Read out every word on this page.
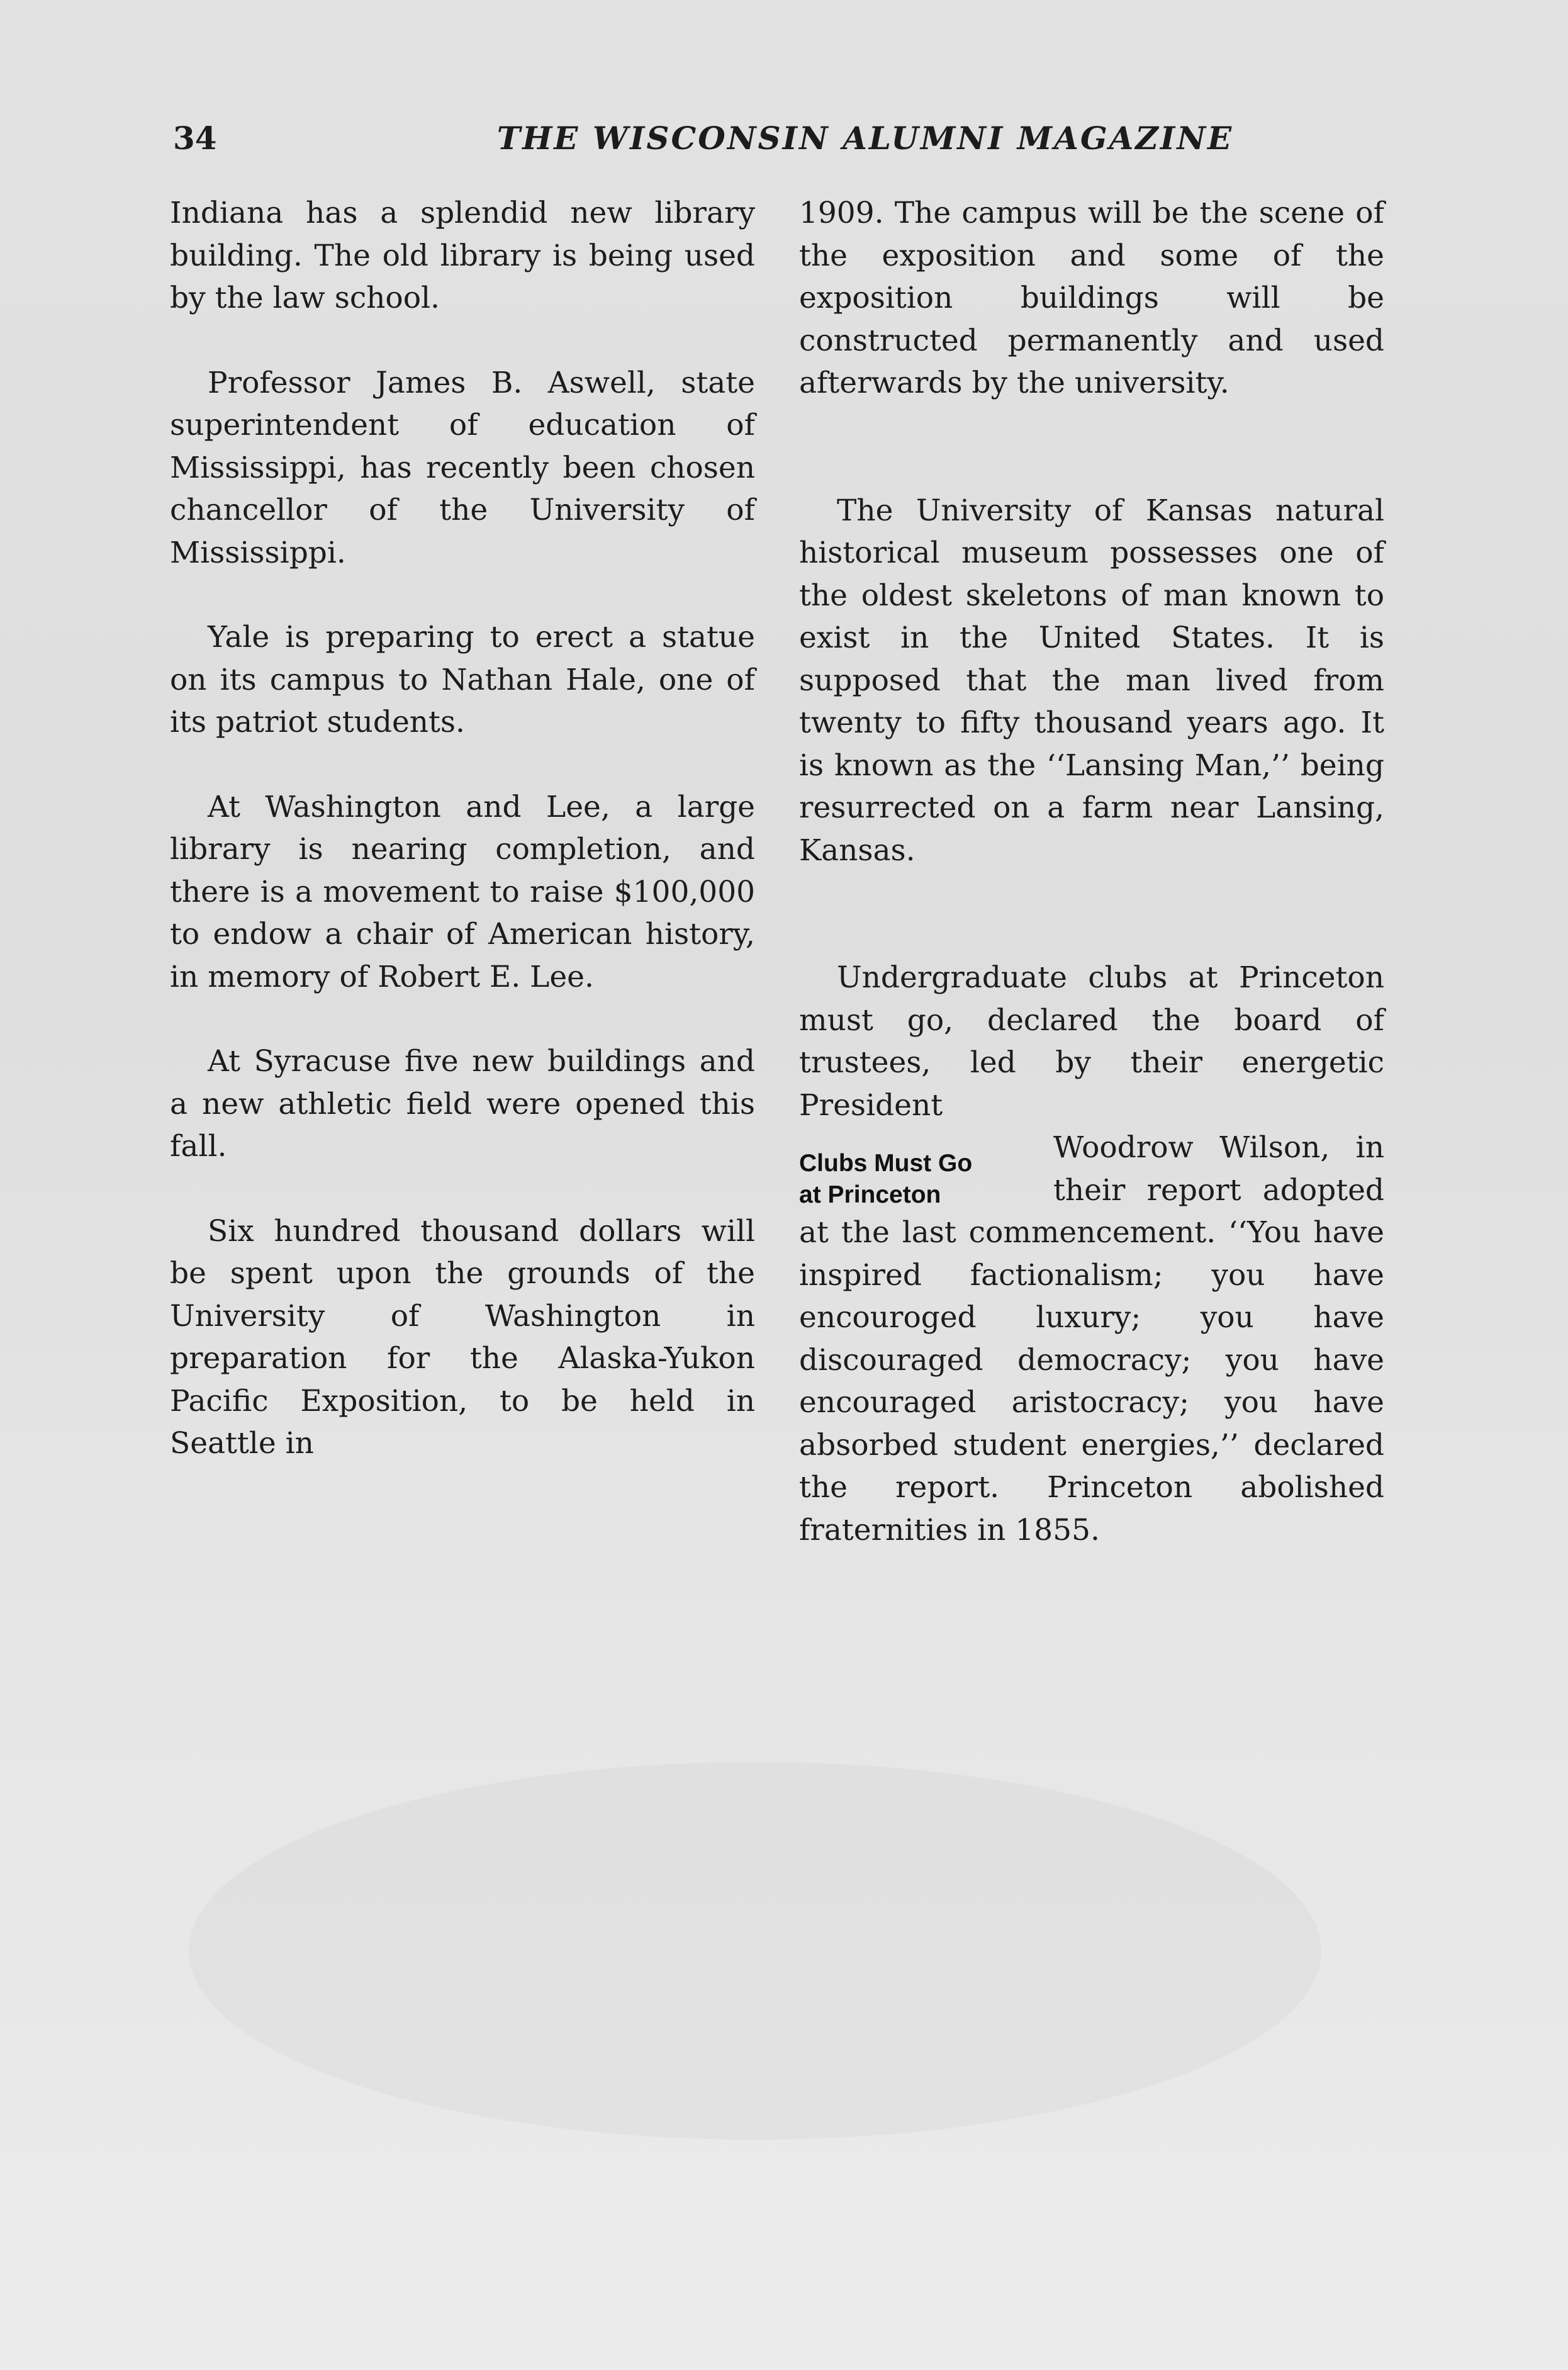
34	THE WISCONSIN ALUMNI MAGAZINE

Indiana has a splendid new library building. The old library is being used by the law school.

Professor James B. Aswell, state superintendent of education of Mississippi, has recently been chosen chancellor of the University of Mississippi.

Yale is preparing to erect a statue on its campus to Nathan Hale, one of its patriot students.

At Washington and Lee, a large library is nearing completion, and there is a movement to raise $100,000 to endow a chair of American history, in memory of Robert E. Lee.

At Syracuse five new buildings and a new athletic field were opened this fall.

Six hundred thousand dollars will be spent upon the grounds of the University of Washington in preparation for the Alaska-Yukon Pacific Exposition, to be held in Seattle in

1909. The campus will be the scene of the exposition and some of the exposition buildings will be constructed permanently and used afterwards by the university.

The University of Kansas natural historical museum possesses one of the oldest skeletons of man known to exist in the United States. It is supposed that the man lived from twenty to fifty thousand years ago. It is known as the ‘‘Lansing Man,’’ being resurrected on a farm near Lansing, Kansas.

Undergraduate clubs at Princeton must go, declared the board of trustees, led by their energetic President
Clubs Must Go
at Princeton
Woodrow Wilson, in their report adopted at the last commencement. ‘‘You have inspired factionalism; you have encouroged luxury; you have discouraged democracy; you have encouraged aristocracy; you have absorbed student energies,’’ declared the report. Princeton abolished fraternities in 1855.
